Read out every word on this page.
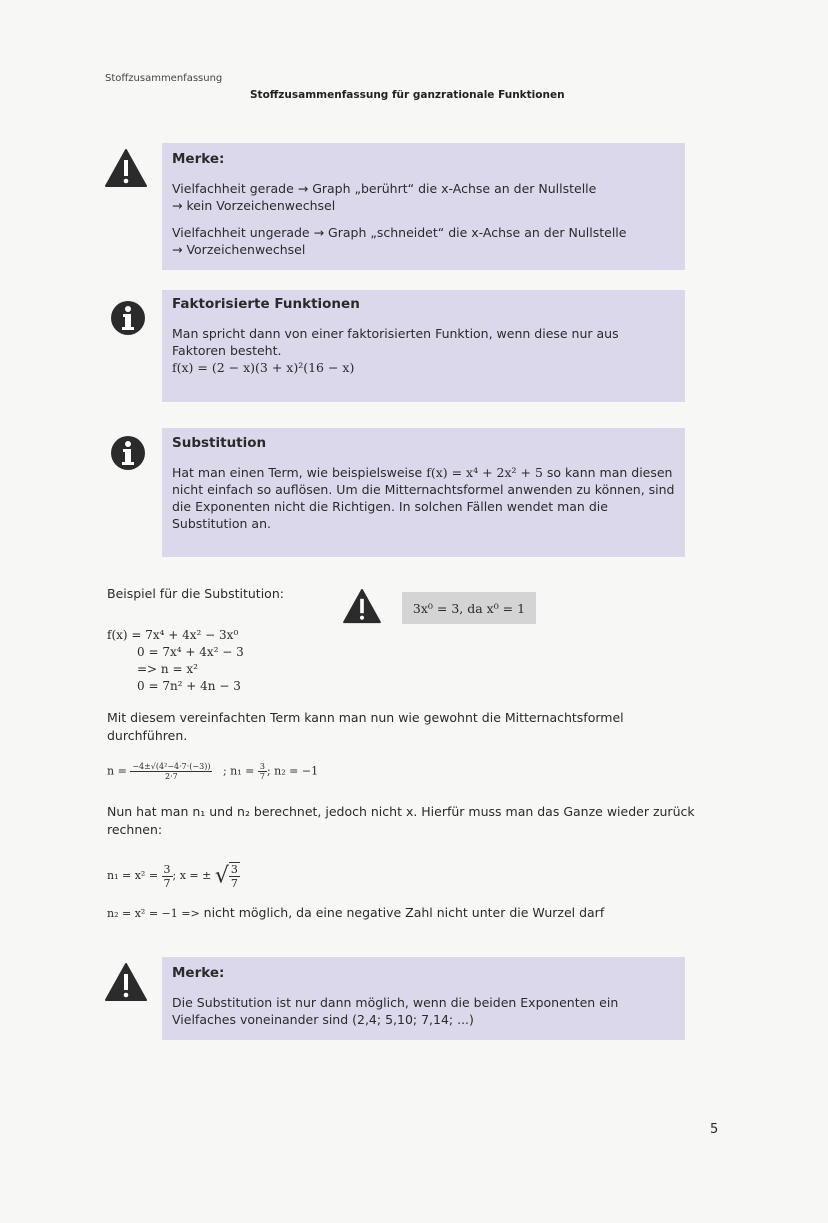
Stoffzusammenfassung
Stoffzusammenfassung für ganzrationale Funktionen
Merke:

Vielfachheit gerade → Graph „berührt“ die x-Achse an der Nullstelle
→ kein Vorzeichenwechsel

Vielfachheit ungerade → Graph „schneidet“ die x-Achse an der Nullstelle
→ Vorzeichenwechsel

Faktorisierte Funktionen
Man spricht dann von einer faktorisierten Funktion, wenn diese nur aus Faktoren besteht.
f(x) = (2 − x)(3 + x)²(16 − x)
Substitution
Hat man einen Term, wie beispielsweise f(x) = x⁴ + 2x² + 5 so kann man diesen nicht einfach so auflösen. Um die Mitternachtsformel anwenden zu können, sind die Exponenten nicht die Richtigen. In solchen Fällen wendet man die Substitution an.
Beispiel für die Substitution:
3x⁰ = 3, da x⁰ = 1
f(x) = 7x⁴ + 4x² − 3x⁰
0 = 7x⁴ + 4x² − 3
=> n = x²
0 = 7n² + 4n − 3
Mit diesem vereinfachten Term kann man nun wie gewohnt die Mitternachtsformel durchführen.
$n = \frac{\text{−4±√(4²−4·7·(−3))}}{2\cdot 7}$ ; $n_1 = \frac{3}{7}$ ; n₂ = −1
Nun hat man n₁ und n₂ berechnet, jedoch nicht x. Hierfür muss man das Ganze wieder zurück rechnen:
$n_1 = x^2 = \frac{3}{7}$ ; x = ± √ $\frac{3}{7}$
n₂ = x² = −1 => nicht möglich, da eine negative Zahl nicht unter die Wurzel darf
Merke:
Die Substitution ist nur dann möglich, wenn die beiden Exponenten ein Vielfaches voneinander sind (2,4; 5,10; 7,14; ...)
5
